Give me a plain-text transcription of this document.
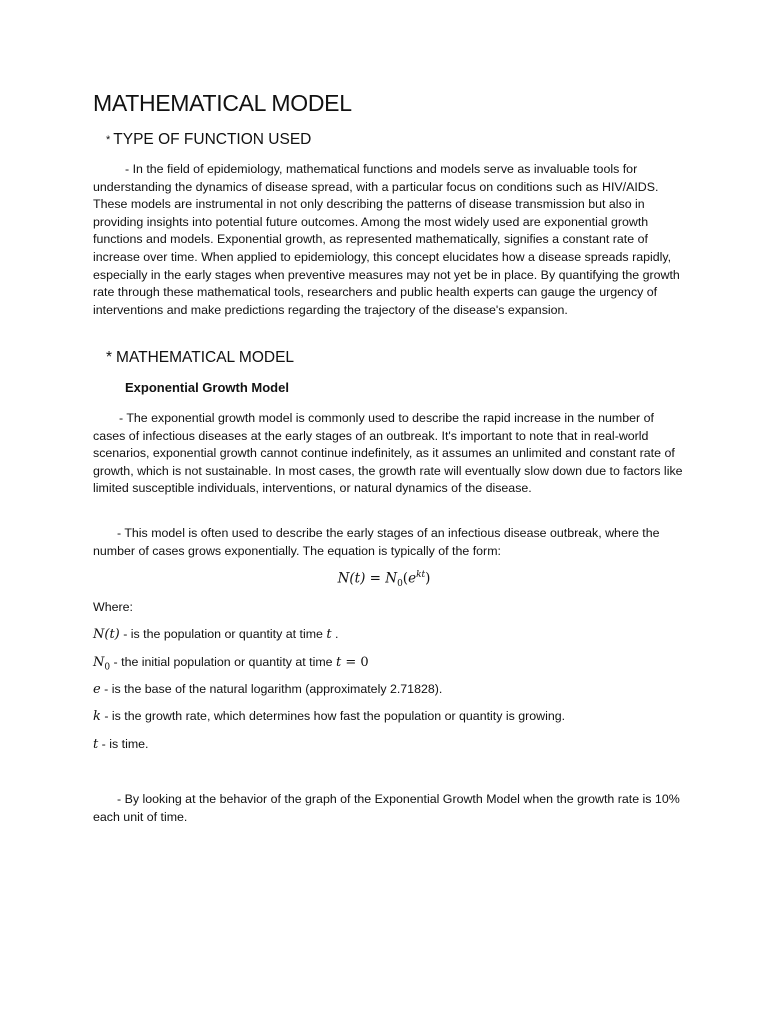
MATHEMATICAL MODEL
* TYPE OF FUNCTION USED

- In the field of epidemiology, mathematical functions and models serve as invaluable tools for understanding the dynamics of disease spread, with a particular focus on conditions such as HIV/AIDS. These models are instrumental in not only describing the patterns of disease transmission but also in providing insights into potential future outcomes. Among the most widely used are exponential growth functions and models. Exponential growth, as represented mathematically, signifies a constant rate of increase over time. When applied to epidemiology, this concept elucidates how a disease spreads rapidly, especially in the early stages when preventive measures may not yet be in place. By quantifying the growth rate through these mathematical tools, researchers and public health experts can gauge the urgency of interventions and make predictions regarding the trajectory of the disease's expansion.

* MATHEMATICAL MODEL
Exponential Growth Model

- The exponential growth model is commonly used to describe the rapid increase in the number of cases of infectious diseases at the early stages of an outbreak. It's important to note that in real-world scenarios, exponential growth cannot continue indefinitely, as it assumes an unlimited and constant rate of growth, which is not sustainable. In most cases, the growth rate will eventually slow down due to factors like limited susceptible individuals, interventions, or natural dynamics of the disease.

- This model is often used to describe the early stages of an infectious disease outbreak, where the number of cases grows exponentially. The equation is typically of the form:

$N(t) = N_0(e^{kt})$

Where:

N(t) - is the population or quantity at time t .

$N_0$ - the initial population or quantity at time t = 0

e - is the base of the natural logarithm (approximately 2.71828).

k - is the growth rate, which determines how fast the population or quantity is growing.

t - is time.

- By looking at the behavior of the graph of the Exponential Growth Model when the growth rate is 10% each unit of time.
